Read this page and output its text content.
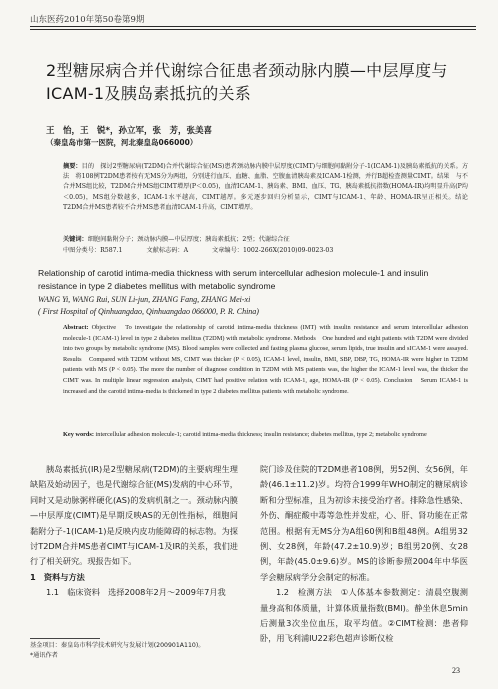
山东医药2010年第50卷第9期
2型糖尿病合并代谢综合征患者颈动脉内膜—中层厚度与ICAM-1及胰岛素抵抗的关系
王　怡，王　锐*，孙立军，张　芳，张美喜
（秦皇岛市第一医院，河北秦皇岛066000）
摘要：目的　探讨2型糖尿病(T2DM)合并代谢综合征(MS)患者颈动脉内膜中层厚度(CIMT)与细胞间黏附分子-1(ICAM-1)及胰岛素抵抗的关系。方法　将108例T2DM患者按有无MS分为两组，分别进行血压、血糖、血脂、空腹血清胰岛素及ICAM-1检测，并行B超检查测量CIMT。结果　与不合并MS组比较，T2DM合并MS组CIMT增厚(P＜0.05)，血清ICAM-1、胰岛素、BMI、血压、TG、胰岛素抵抗指数(HOMA-IR)均明显升高(P均＜0.05)，MS组分数越多，ICAM-1水平越高，CIMT越厚。多元逐步回归分析显示，CIMT与ICAM-1、年龄、HOMA-IR呈正相关。结论　T2DM合并MS患者较不合并MS患者血清ICAM-1升高，CIMT增厚。
关键词：细胞间黏附分子；颈动脉内膜—中层厚度；胰岛素抵抗；2型；代谢综合征
中图分类号：R587.1	文献标志码：A	文章编号：1002-266X(2010)09-0023-03
Relationship of carotid intima-media thickness with serum intercellular adhesion molecule-1 and insulin resistance in type 2 diabetes mellitus with metabolic syndrome
WANG Yi, WANG Rui, SUN Li-jun, ZHANG Fang, ZHANG Mei-xi
( First Hospital of Qinhuangdao, Qinhuangdao 066000, P. R. China)
Abstract: Objective　To investigate the relationship of carotid intima-media thickness (IMT) with insulin resistance and serum intercellular adhesion molecule-1 (ICAM-1) level in type 2 diabetes mellitus (T2DM) with metabolic syndrome. Methods　One hundred and eight patients with T2DM were divided into two groups by metabolic syndrome (MS). Blood samples were collected and fasting plasma glucose, serum lipids, true insulin and sICAM-1 were assayed. Results　Compared with T2DM without MS, CIMT was thicker (P < 0.05), ICAM-1 level, insulin, BMI, SBP, DBP, TG, HOMA-IR were higher in T2DM patients with MS (P < 0.05). The more the number of diagnose condition in T2DM with MS patients was, the higher the ICAM-1 level was, the thicker the CIMT was. In multiple linear regression analysis, CIMT had positive relation with ICAM-1, age, HOMA-IR (P < 0.05). Conclusion　Serum ICAM-1 is increased and the carotid intima-media is thickened in type 2 diabetes mellitus patients with metabolic syndrome.
Key words: intercellular adhesion molecule-1; carotid intima-media thickness; insulin resistance; diabetes mellitus, type 2; metabolic syndrome

胰岛素抵抗(IR)是2型糖尿病(T2DM)的主要病理生理缺陷及始动因子，也是代谢综合征(MS)发病的中心环节，同时又是动脉粥样硬化(AS)的发病机制之一。颈动脉内膜—中层厚度(CIMT)是早期反映AS的无创性指标，细胞间黏附分子-1(ICAM-1)是反映内皮功能障碍的标志物。为探讨T2DM合并MS患者CIMT与ICAM-1及IR的关系，我们进行了相关研究。现报告如下。

1　资料与方法

1.1　临床资料　选择2008年2月～2009年7月我

院门诊及住院的T2DM患者108例，男52例、女56例，年龄(46.1±11.2)岁。均符合1999年WHO制定的糖尿病诊断和分型标准，且为初诊未接受治疗者。排除急性感染、外伤、酮症酸中毒等急性并发症，心、肝、肾功能在正常范围。根据有无MS分为A组60例和B组48例。A组男32例、女28例，年龄(47.2±10.9)岁；B组男20例、女28例，年龄(45.0±9.6)岁。MS的诊断参照2004年中华医学会糖尿病学分会制定的标准。

1.2　检测方法　①人体基本参数测定：清晨空腹测量身高和体质量，计算体质量指数(BMI)。静坐休息5min后测量3次坐位血压，取平均值。②CIMT检测：患者仰卧，用飞利浦IU22彩色超声诊断仪检

基金项目：秦皇岛市科学技术研究与发展计划(200901A110)。
*通讯作者
23
